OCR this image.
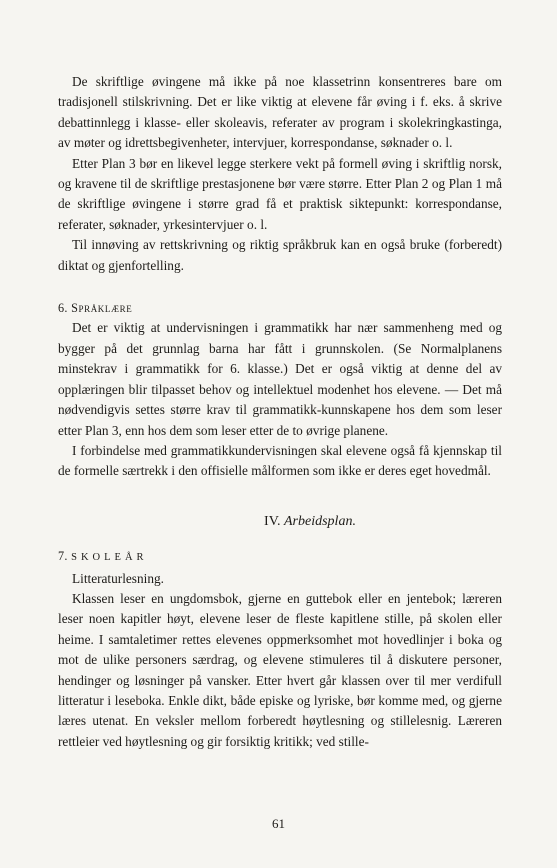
De skriftlige øvingene må ikke på noe klassetrinn konsentreres bare om tradisjonell stilskrivning. Det er like viktig at elevene får øving i f. eks. å skrive debattinnlegg i klasse- eller skoleavis, referater av program i skolekringkastinga, av møter og idrettsbegivenheter, intervjuer, korrespondanse, søknader o. l.

Etter Plan 3 bør en likevel legge sterkere vekt på formell øving i skriftlig norsk, og kravene til de skriftlige prestasjonene bør være større. Etter Plan 2 og Plan 1 må de skriftlige øvingene i større grad få et praktisk siktepunkt: korrespondanse, referater, søknader, yrkesintervjuer o. l.

Til innøving av rettskrivning og riktig språkbruk kan en også bruke (forberedt) diktat og gjenfortelling.

6. Språklære

Det er viktig at undervisningen i grammatikk har nær sammenheng med og bygger på det grunnlag barna har fått i grunnskolen. (Se Normalplanens minstekrav i grammatikk for 6. klasse.) Det er også viktig at denne del av opplæringen blir tilpasset behov og intellektuel modenhet hos elevene. — Det må nødvendigvis settes større krav til grammatikk-kunnskapene hos dem som leser etter Plan 3, enn hos dem som leser etter de to øvrige planene.

I forbindelse med grammatikkundervisningen skal elevene også få kjennskap til de formelle særtrekk i den offisielle målformen som ikke er deres eget hovedmål.

IV. Arbeidsplan.

7. SKOLEÅR

Litteraturlesning.

Klassen leser en ungdomsbok, gjerne en guttebok eller en jentebok; læreren leser noen kapitler høyt, elevene leser de fleste kapitlene stille, på skolen eller heime. I samtaletimer rettes elevenes oppmerksomhet mot hovedlinjer i boka og mot de ulike personers særdrag, og elevene stimuleres til å diskutere personer, hendinger og løsninger på vansker. Etter hvert går klassen over til mer verdifull litteratur i leseboka. Enkle dikt, både episke og lyriske, bør komme med, og gjerne læres utenat. En veksler mellom forberedt høytlesning og stillelesnig. Læreren rettleier ved høytlesning og gir forsiktig kritikk; ved stille-

61
